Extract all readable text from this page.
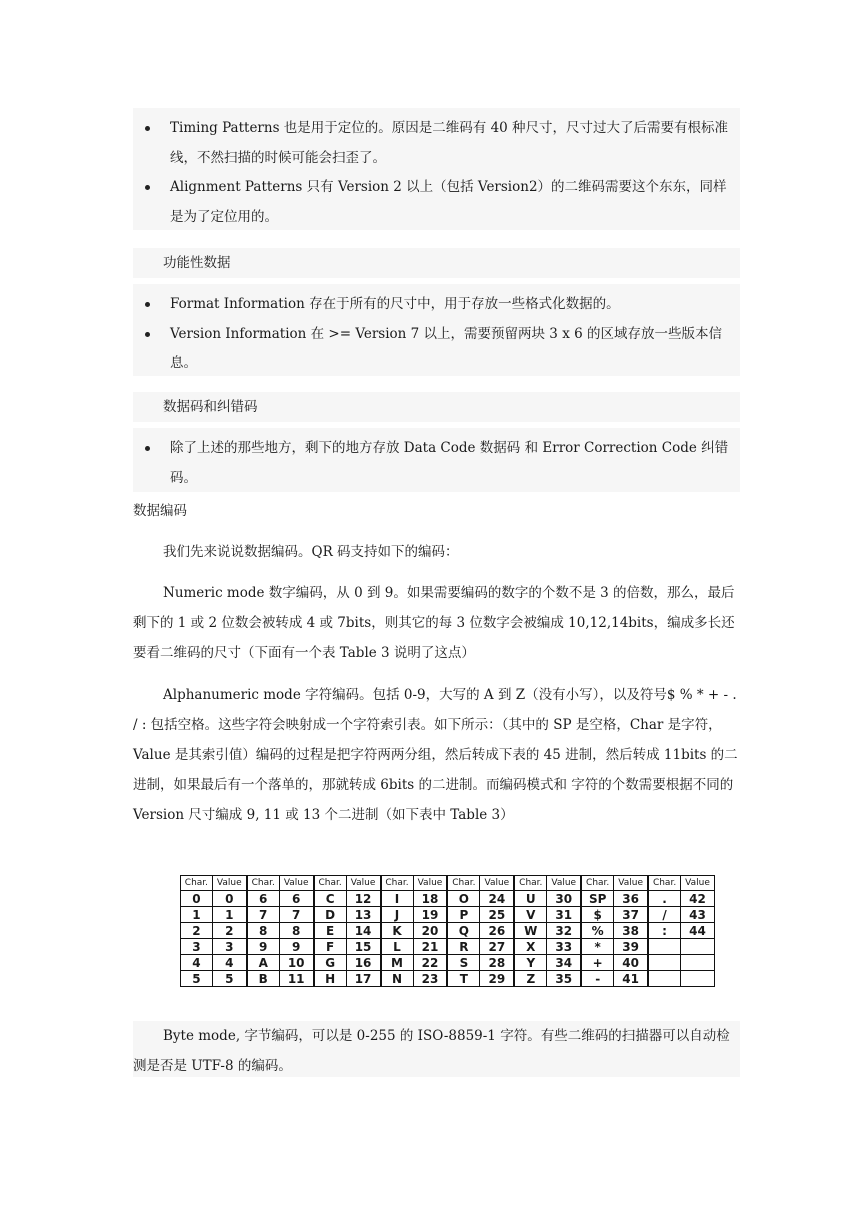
Timing Patterns 也是用于定位的。原因是二维码有 40 种尺寸，尺寸过大了后需要有根标准线，不然扫描的时候可能会扫歪了。
Alignment Patterns 只有 Version 2 以上（包括 Version2）的二维码需要这个东东，同样是为了定位用的。
功能性数据
Format Information 存在于所有的尺寸中，用于存放一些格式化数据的。
Version Information 在 >= Version 7 以上，需要预留两块 3 x 6 的区域存放一些版本信息。
数据码和纠错码
除了上述的那些地方，剩下的地方存放 Data Code 数据码 和 Error Correction Code 纠错码。
数据编码

我们先来说说数据编码。QR 码支持如下的编码：

Numeric mode 数字编码，从 0 到 9。如果需要编码的数字的个数不是 3 的倍数，那么，最后剩下的 1 或 2 位数会被转成 4 或 7bits，则其它的每 3 位数字会被编成 10,12,14bits，编成多长还要看二维码的尺寸（下面有一个表 Table 3 说明了这点）

Alphanumeric mode 字符编码。包括 0-9，大写的 A 到 Z（没有小写），以及符号$ % * + - . / : 包括空格。这些字符会映射成一个字符索引表。如下所示：（其中的 SP 是空格，Char 是字符，Value 是其索引值）编码的过程是把字符两两分组，然后转成下表的 45 进制，然后转成 11bits 的二进制，如果最后有一个落单的，那就转成 6bits 的二进制。而编码模式和 字符的个数需要根据不同的 Version 尺寸编成 9, 11 或 13 个二进制（如下表中 Table 3）

Char.	Value	Char.	Value	Char.	Value	Char.	Value	Char.	Value	Char.	Value	Char.	Value	Char.	Value
0	0	6	6	C	12	I	18	O	24	U	30	SP	36	.	42
1	1	7	7	D	13	J	19	P	25	V	31	$	37	/	43
2	2	8	8	E	14	K	20	Q	26	W	32	%	38	:	44
3	3	9	9	F	15	L	21	R	27	X	33	*	39		
4	4	A	10	G	16	M	22	S	28	Y	34	+	40		
5	5	B	11	H	17	N	23	T	29	Z	35	-	41		

Byte mode, 字节编码，可以是 0-255 的 ISO-8859-1 字符。有些二维码的扫描器可以自动检测是否是 UTF-8 的编码。
